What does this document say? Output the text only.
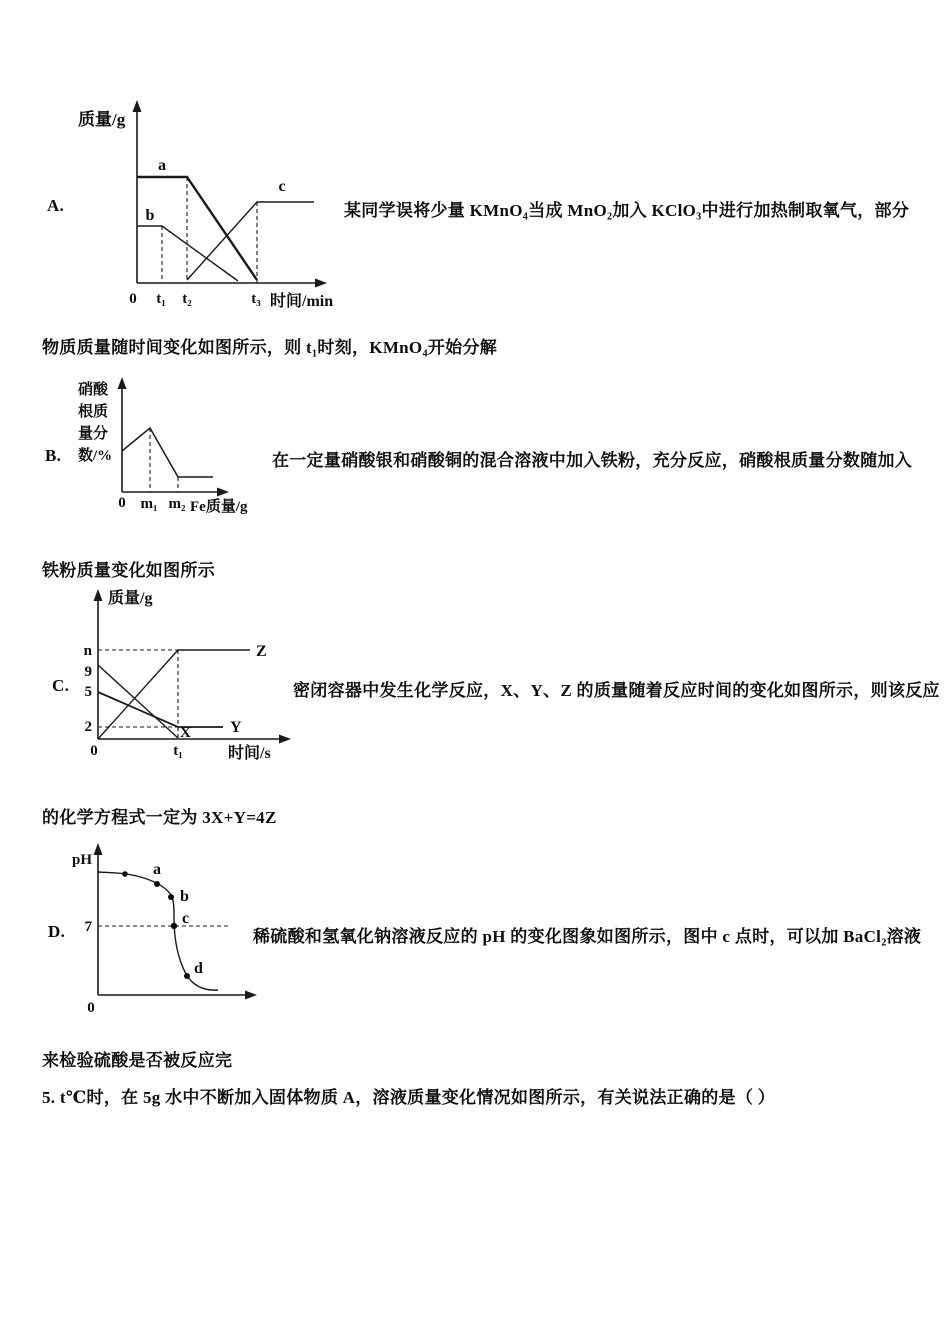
质量/g
a
b
c
0 t₁ t₂	t₃ 时间/min
A.	某同学误将少量 KMnO₄当成 MnO₂加入 KClO₃中进行加热制取氧气，部分
物质质量随时间变化如图所示，则 t₁时刻，KMnO₄开始分解
硝酸
根质
量分
数/%
0 m₁ m₂ Fe质量/g
B.	在一定量硝酸银和硝酸铜的混合溶液中加入铁粉，充分反应，硝酸根质量分数随加入
铁粉质量变化如图所示
质量/g
Z
Y
X
n
9
5
2
0	t₁	时间/s
C.	密闭容器中发生化学反应，X、Y、Z 的质量随着反应时间的变化如图所示，则该反应
的化学方程式一定为 3X+Y=4Z
pH
a
b
c
d
7
0
D.	稀硫酸和氢氧化钠溶液反应的 pH 的变化图象如图所示，图中 c 点时，可以加 BaCl₂溶液
来检验硫酸是否被反应完
5. t℃时，在 5g 水中不断加入固体物质 A，溶液质量变化情况如图所示，有关说法正确的是（ ）
